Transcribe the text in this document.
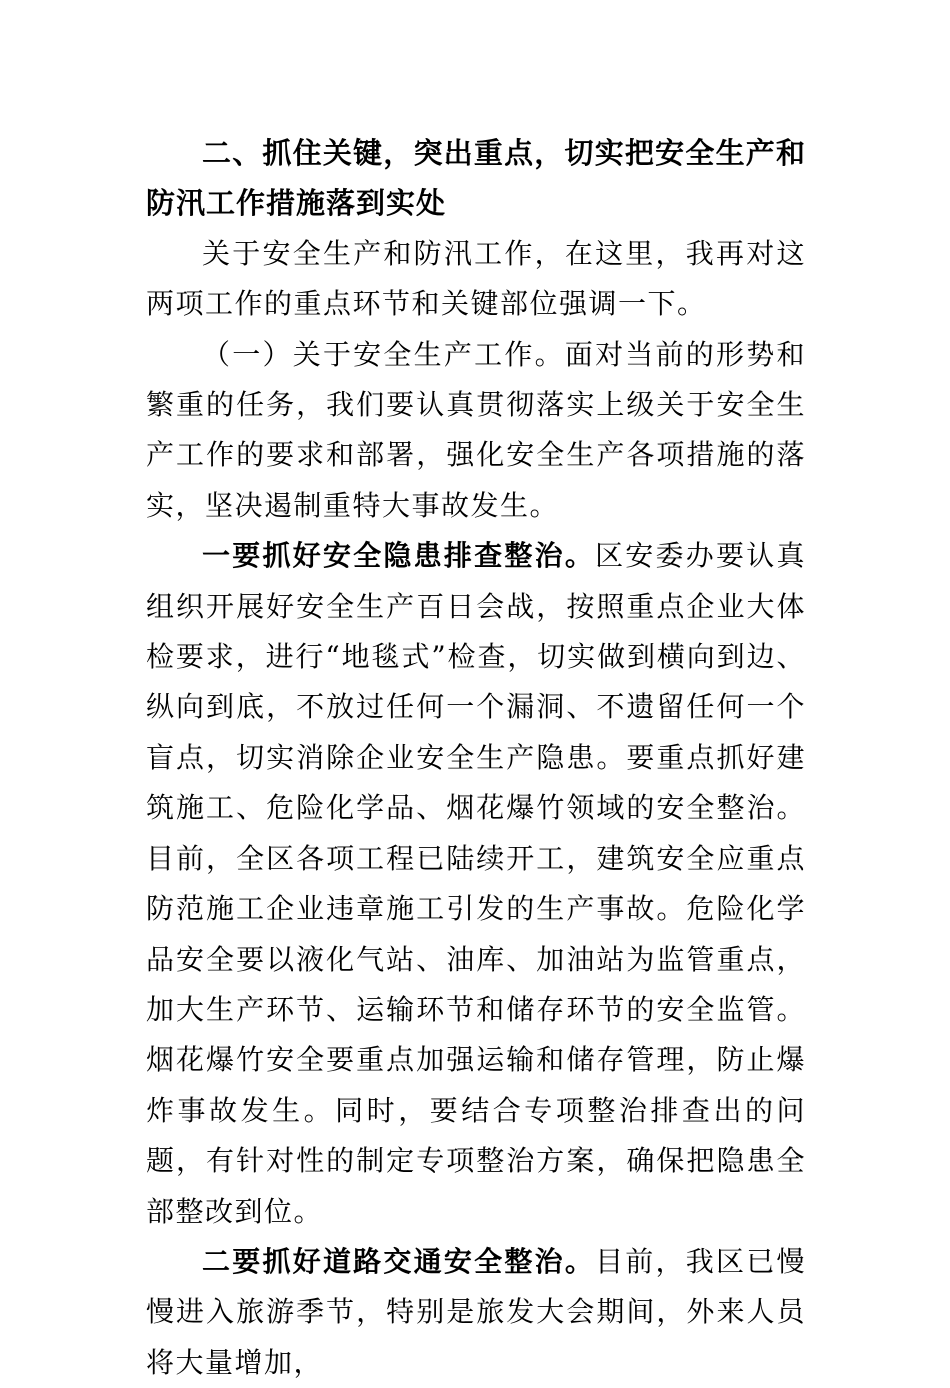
二、抓住关键，突出重点，切实把安全生产和防汛工作措施落到实处

关于安全生产和防汛工作，在这里，我再对这两项工作的重点环节和关键部位强调一下。

（一）关于安全生产工作。面对当前的形势和繁重的任务，我们要认真贯彻落实上级关于安全生产工作的要求和部署，强化安全生产各项措施的落实，坚决遏制重特大事故发生。

一要抓好安全隐患排查整治。区安委办要认真组织开展好安全生产百日会战，按照重点企业大体检要求，进行“地毯式”检查，切实做到横向到边、纵向到底，不放过任何一个漏洞、不遗留任何一个盲点，切实消除企业安全生产隐患。要重点抓好建筑施工、危险化学品、烟花爆竹领域的安全整治。目前，全区各项工程已陆续开工，建筑安全应重点防范施工企业违章施工引发的生产事故。危险化学品安全要以液化气站、油库、加油站为监管重点，加大生产环节、运输环节和储存环节的安全监管。烟花爆竹安全要重点加强运输和储存管理，防止爆炸事故发生。同时，要结合专项整治排查出的问题，有针对性的制定专项整治方案，确保把隐患全部整改到位。

二要抓好道路交通安全整治。目前，我区已慢慢进入旅游季节，特别是旅发大会期间，外来人员将大量增加，
